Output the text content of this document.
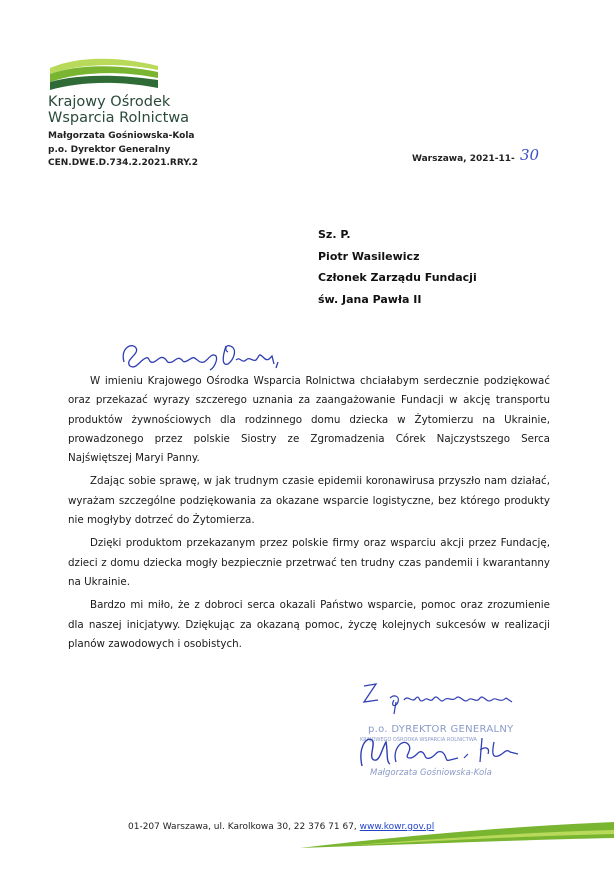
Krajowy Ośrodek
Wsparcia Rolnictwa
Małgorzata Gośniowska-Kola
p.o. Dyrektor Generalny
CEN.DWE.D.734.2.2021.RRY.2	Warszawa, 2021-11- 30
Sz. P.
Piotr Wasilewicz
Członek Zarządu Fundacji
św. Jana Pawła II

W imieniu Krajowego Ośrodka Wsparcia Rolnictwa chciałabym serdecznie podziękować oraz przekazać wyrazy szczerego uznania za zaangażowanie Fundacji w akcję transportu produktów żywnościowych dla rodzinnego domu dziecka w Żytomierzu na Ukrainie, prowadzonego przez polskie Siostry ze Zgromadzenia Córek Najczystszego Serca Najświętszej Maryi Panny.

Zdając sobie sprawę, w jak trudnym czasie epidemii koronawirusa przyszło nam działać, wyrażam szczególne podziękowania za okazane wsparcie logistyczne, bez którego produkty nie mogłyby dotrzeć do Żytomierza.

Dzięki produktom przekazanym przez polskie firmy oraz wsparciu akcji przez Fundację, dzieci z domu dziecka mogły bezpiecznie przetrwać ten trudny czas pandemii i kwarantanny na Ukrainie.

Bardzo mi miło, że z dobroci serca okazali Państwo wsparcie, pomoc oraz zrozumienie dla naszej inicjatywy. Dziękując za okazaną pomoc, życzę kolejnych sukcesów w realizacji planów zawodowych i osobistych.

p.o. DYREKTOR GENERALNY
KRAJOWEGO OŚRODKA WSPARCIA ROLNICTWA
Małgorzata Gośniowska-Kola
01-207 Warszawa, ul. Karolkowa 30, 22 376 71 67, www.kowr.gov.pl
